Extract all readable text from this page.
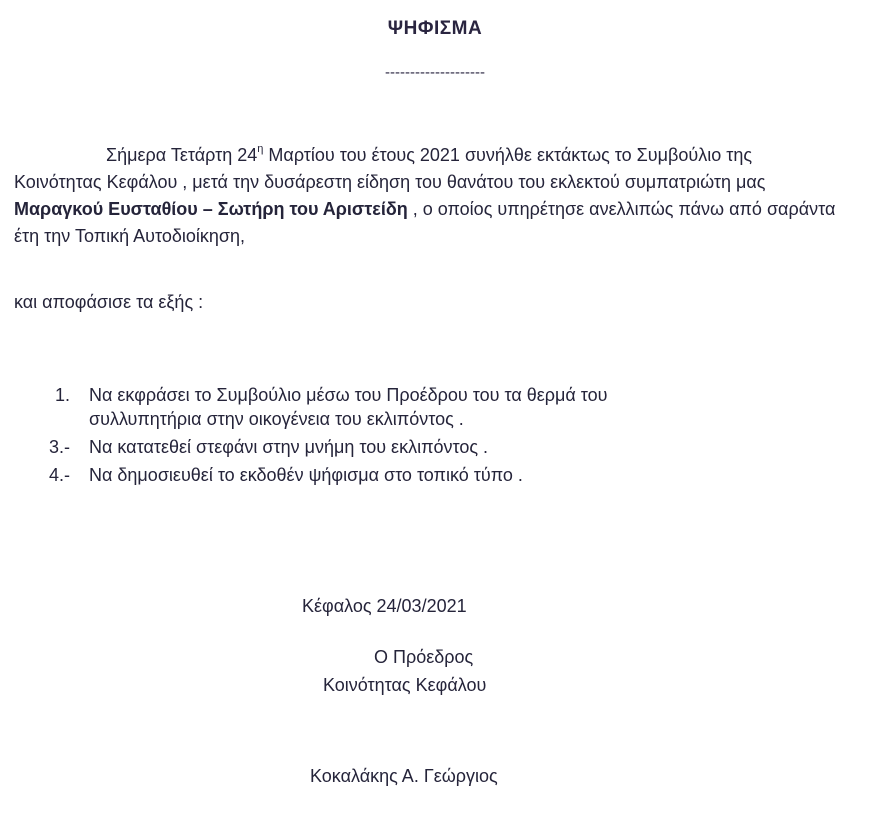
ΨΗΦΙΣΜΑ
--------------------
Σήμερα Τετάρτη $24^\eta$ Μαρτίου του έτους 2021 συνήλθε εκτάκτως το Συμβούλιο της Κοινότητας Κεφάλου , μετά την δυσάρεστη είδηση του θανάτου του εκλεκτού συμπατριώτη μας Μαραγκού Ευσταθίου – Σωτήρη του Αριστείδη , ο οποίος υπηρέτησε ανελλιπώς πάνω από σαράντα έτη την Τοπική Αυτοδιοίκηση,
και αποφάσισε τα εξής :
1. Να εκφράσει το Συμβούλιο μέσω του Προέδρου του τα θερμά του
συλλυπητήρια στην οικογένεια του εκλιπόντος .
3.- Να κατατεθεί στεφάνι στην μνήμη του εκλιπόντος .
4.- Να δημοσιευθεί το εκδοθέν ψήφισμα στο τοπικό τύπο .
Κέφαλος 24/03/2021
Ο Πρόεδρος
Κοινότητας Κεφάλου
Κοκαλάκης Α. Γεώργιος
